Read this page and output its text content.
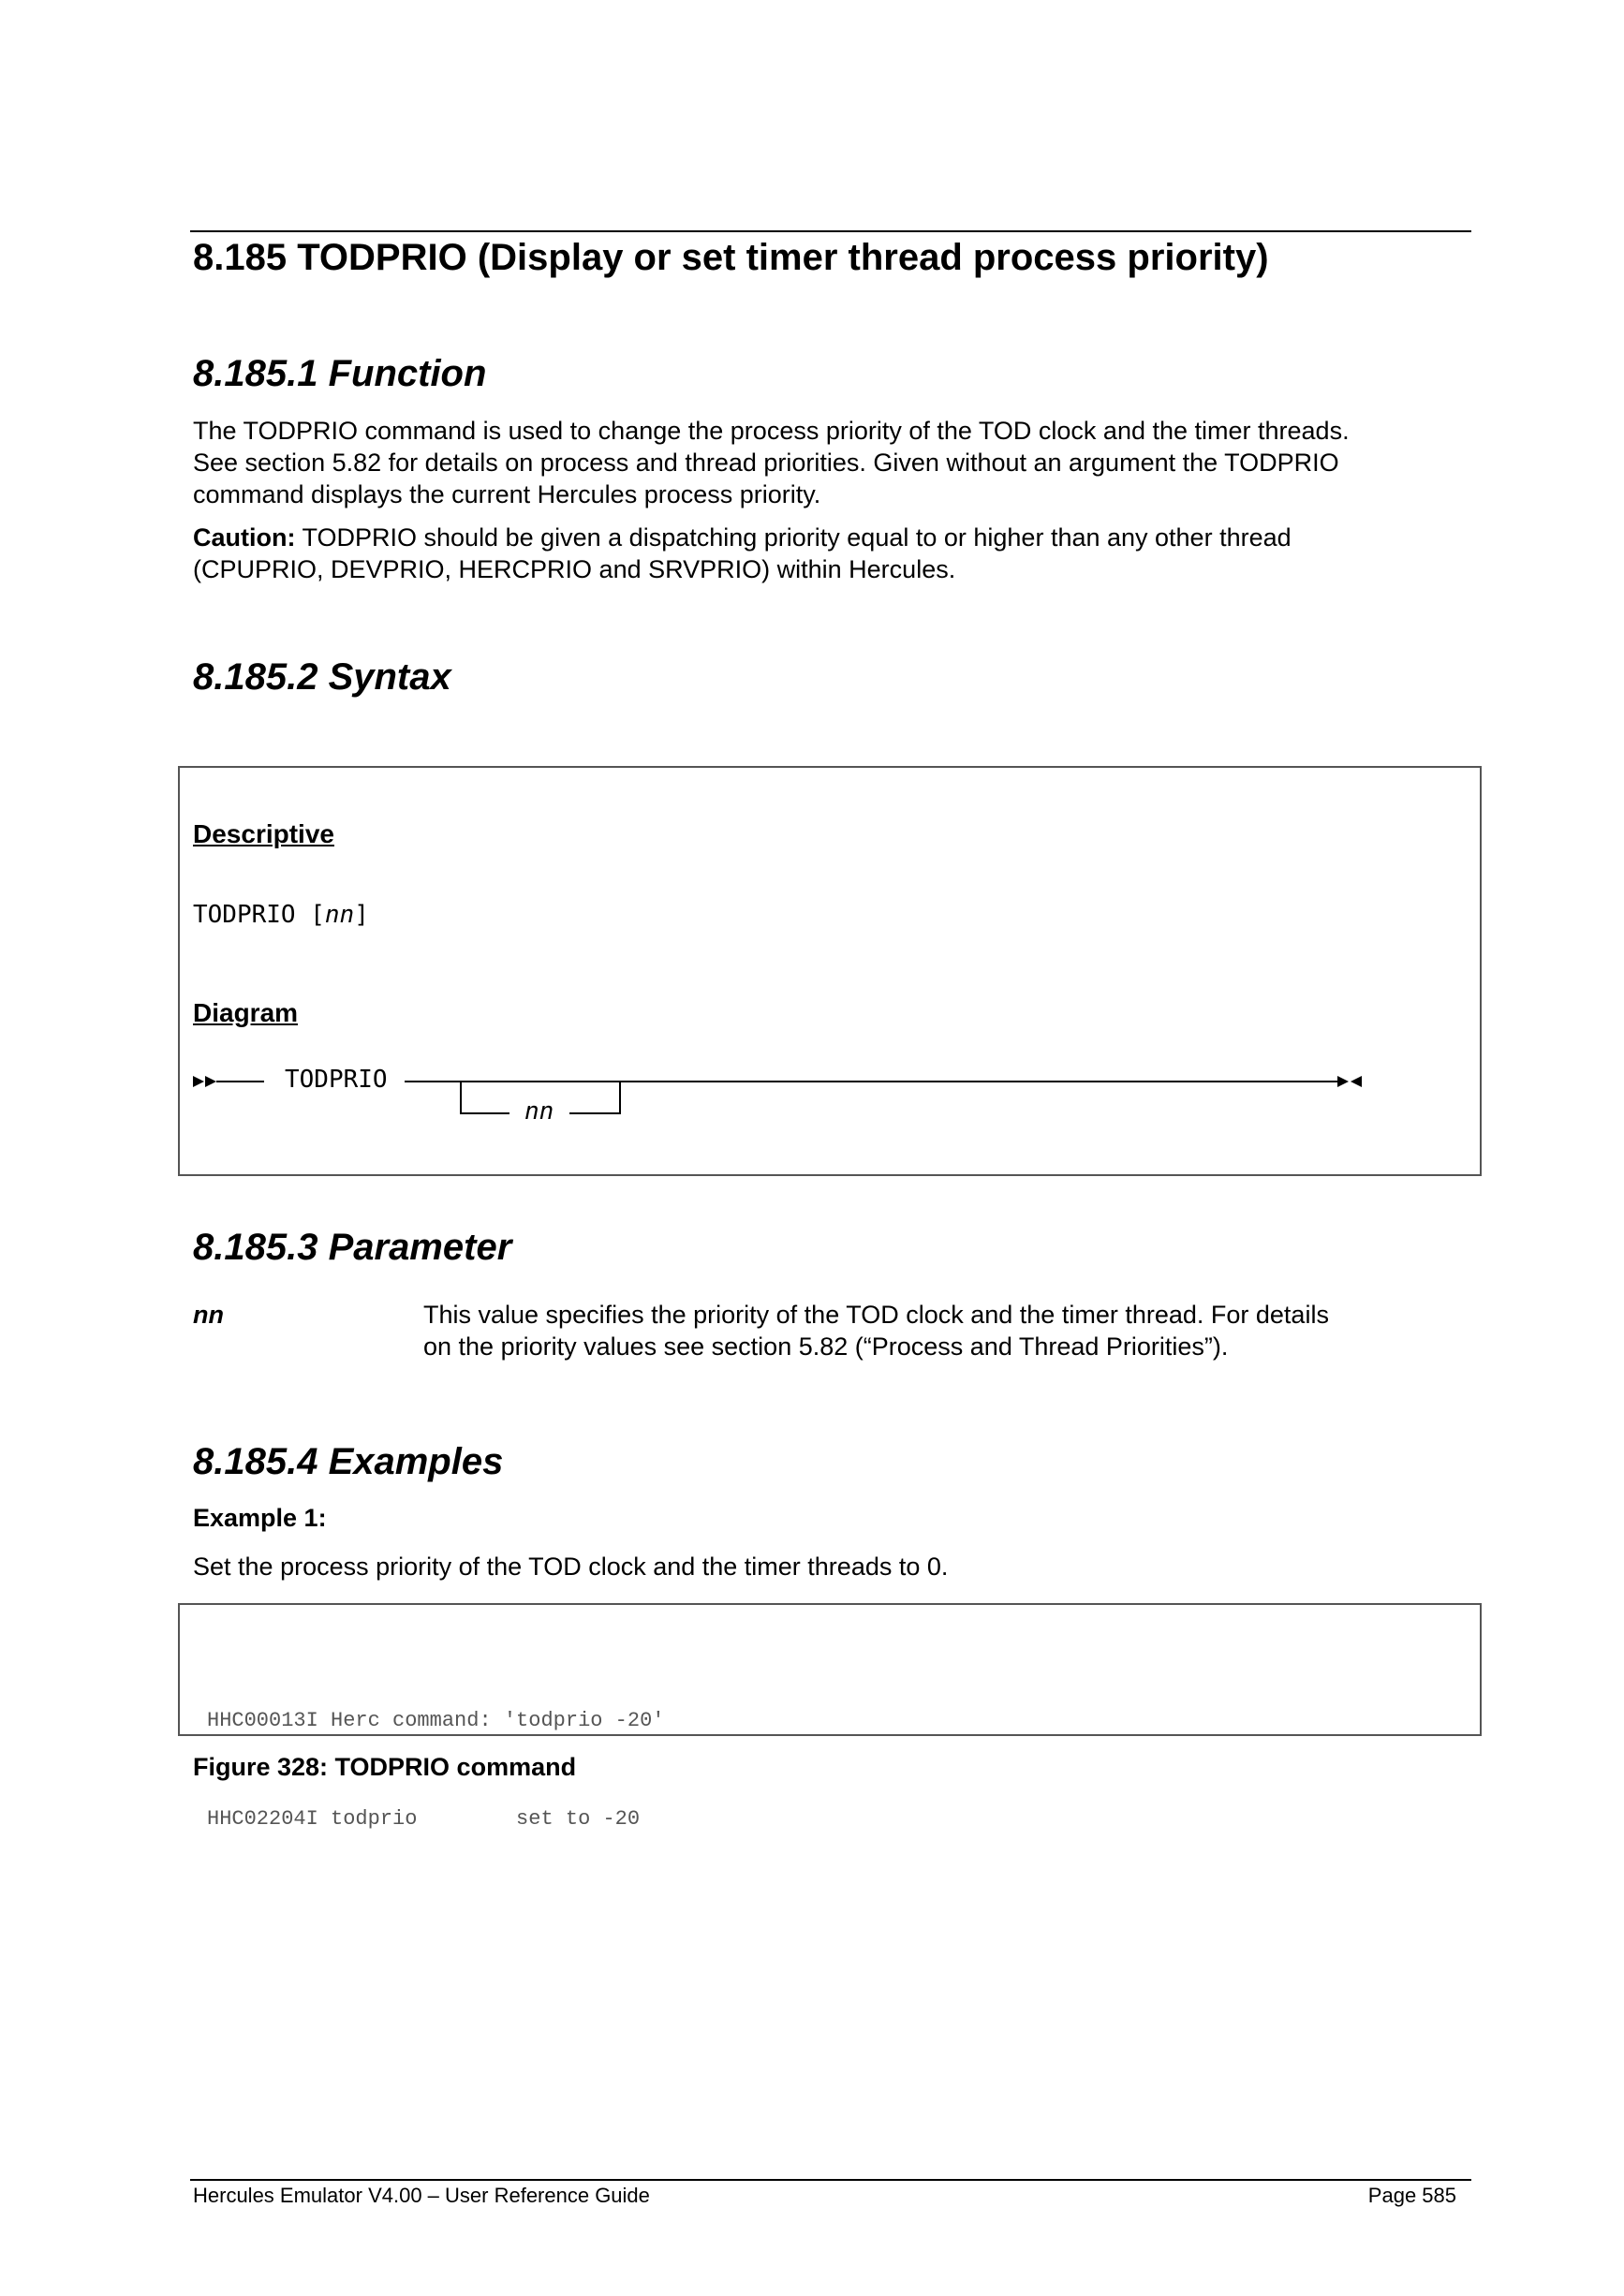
8.185 TODPRIO (Display or set timer thread process priority)
8.185.1 Function
The TODPRIO command is used to change the process priority of the TOD clock and the timer threads.
See section 5.82 for details on process and thread priorities. Given without an argument the TODPRIO
command displays the current Hercules process priority.
Caution: TODPRIO should be given a dispatching priority equal to or higher than any other thread
(CPUPRIO, DEVPRIO, HERCPRIO and SRVPRIO) within Hercules.
8.185.2 Syntax
Descriptive
TODPRIO [nn]
Diagram
TODPRIO
nn
8.185.3 Parameter
nn	This value specifies the priority of the TOD clock and the timer thread. For details
on the priority values see section 5.82 (“Process and Thread Priorities”).
8.185.4 Examples
Example 1:
Set the process priority of the TOD clock and the timer threads to 0.

HHC00013I Herc command: 'todprio -20'

HHC02204I todprio        set to -20

Figure 328: TODPRIO command
Hercules Emulator V4.00 – User Reference Guide	Page 585
